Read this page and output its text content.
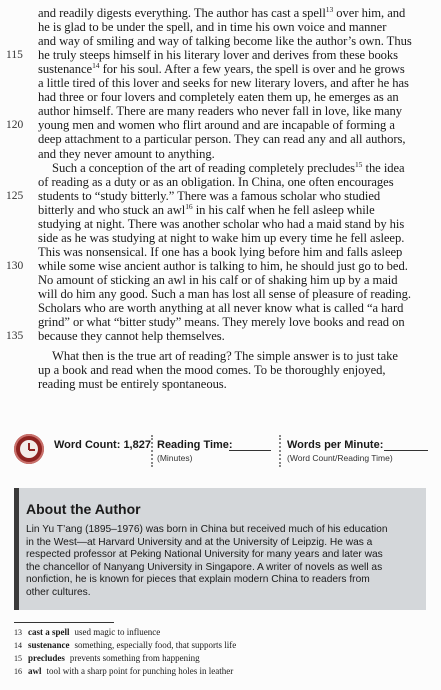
and readily digests everything. The author has cast a spell$^{13}$ over him, and
he is glad to be under the spell, and in time his own voice and manner
and way of smiling and way of talking become like the author’s own. Thus
115 he truly steeps himself in his literary lover and derives from these books
sustenance$^{14}$ for his soul. After a few years, the spell is over and he grows
a little tired of this lover and seeks for new literary lovers, and after he has
had three or four lovers and completely eaten them up, he emerges as an
author himself. There are many readers who never fall in love, like many
120 young men and women who flirt around and are incapable of forming a
deep attachment to a particular person. They can read any and all authors,
and they never amount to anything.
Such a conception of the art of reading completely precludes$^{15}$ the idea
of reading as a duty or as an obligation. In China, one often encourages
125 students to “study bitterly.” There was a famous scholar who studied
bitterly and who stuck an awl$^{16}$ in his calf when he fell asleep while
studying at night. There was another scholar who had a maid stand by his
side as he was studying at night to wake him up every time he fell asleep.
This was nonsensical. If one has a book lying before him and falls asleep
130 while some wise ancient author is talking to him, he should just go to bed.
No amount of sticking an awl in his calf or of shaking him up by a maid
will do him any good. Such a man has lost all sense of pleasure of reading.
Scholars who are worth anything at all never know what is called “a hard
grind” or what “bitter study” means. They merely love books and read on
135 because they cannot help themselves.
What then is the true art of reading? The simple answer is to just take
up a book and read when the mood comes. To be thoroughly enjoyed,
reading must be entirely spontaneous.
Word Count: 1,827 Reading Time:
(Minutes)
Words per Minute:
(Word Count/Reading Time)
About the Author
Lin Yu T’ang (1895–1976) was born in China but received much of his education
in the West—at Harvard University and at the University of Leipzig. He was a
respected professor at Peking National University for many years and later was
the chancellor of Nanyang University in Singapore. A writer of novels as well as
nonfiction, he is known for pieces that explain modern China to readers from
other cultures.
13 cast a spell used magic to influence
14 sustenance something, especially food, that supports life
15 precludes prevents something from happening
16 awl tool with a sharp point for punching holes in leather
